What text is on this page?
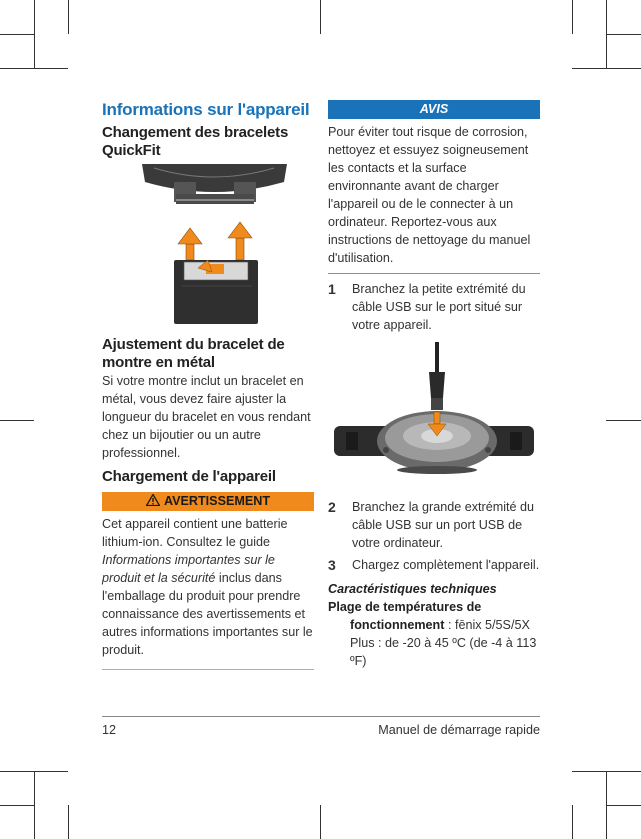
Informations sur l'appareil
Changement des bracelets QuickFit
Ajustement du bracelet de montre en métal

Si votre montre inclut un bracelet en métal, vous devez faire ajuster la longueur du bracelet en vous rendant chez un bijoutier ou un autre professionnel.

Chargement de l'appareil
AVERTISSEMENT

Cet appareil contient une batterie lithium-ion. Consultez le guide Informations importantes sur le produit et la sécurité inclus dans l'emballage du produit pour prendre connaissance des avertissements et autres informations importantes sur le produit.

AVIS

Pour éviter tout risque de corrosion, nettoyez et essuyez soigneusement les contacts et la surface environnante avant de charger l'appareil ou de le connecter à un ordinateur. Reportez-vous aux instructions de nettoyage du manuel d'utilisation.

1 Branchez la petite extrémité du câble USB sur le port situé sur votre appareil.
2 Branchez la grande extrémité du câble USB sur un port USB de votre ordinateur.
3 Chargez complètement l'appareil.
Caractéristiques techniques
Plage de températures de fonctionnement : fēnix 5/5S/5X Plus : de -20 à 45 ºC (de -4 à 113 ºF)
12	Manuel de démarrage rapide
